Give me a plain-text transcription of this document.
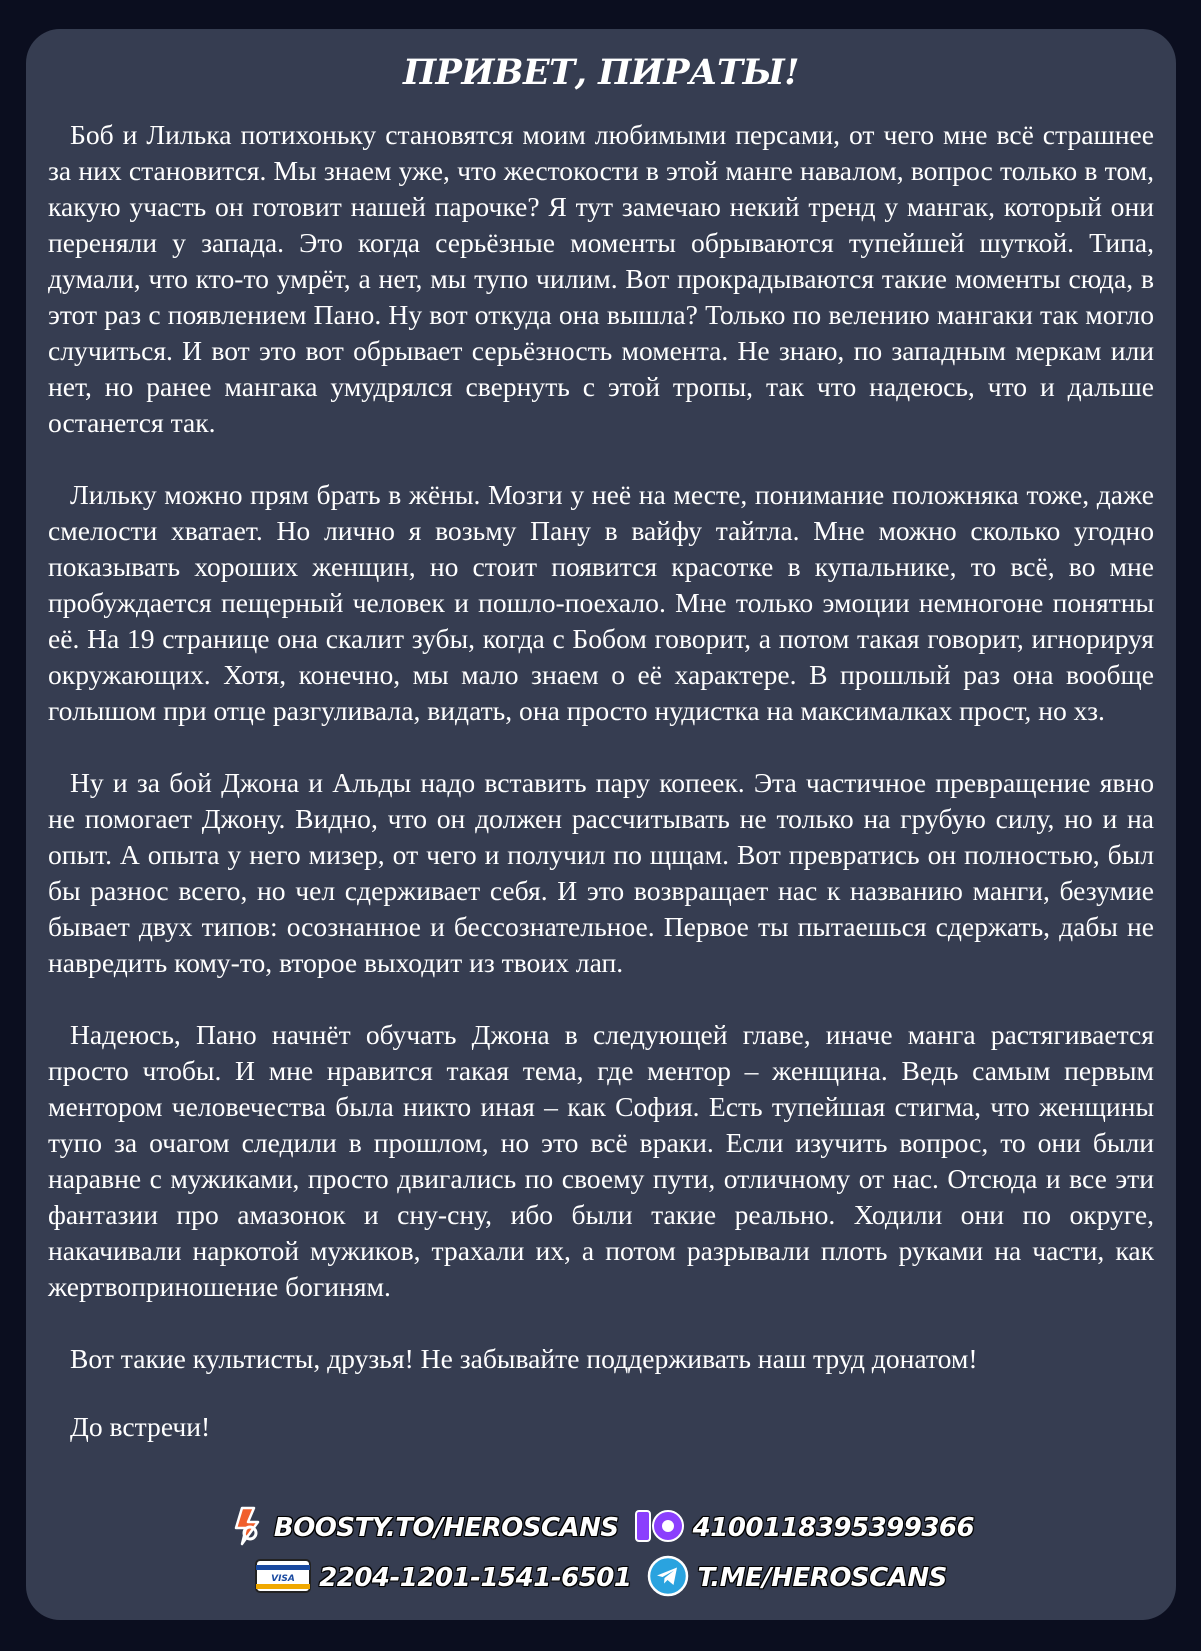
ПРИВЕТ, ПИРАТЫ!

Боб и Лилька потихоньку становятся моим любимыми персами, от чего мне всё страшнее за них становится. Мы знаем уже, что жестокости в этой манге навалом, вопрос только в том, какую участь он готовит нашей парочке? Я тут замечаю некий тренд у мангак, который они переняли у запада. Это когда серьёзные моменты обрываются тупейшей шуткой. Типа, думали, что кто-то умрёт, а нет, мы тупо чилим. Вот прокрадываются такие моменты сюда, в этот раз с появлением Пано. Ну вот откуда она вышла? Только по велению мангаки так могло случиться. И вот это вот обрывает серьёзность момента. Не знаю, по западным меркам или нет, но ранее мангака умудрялся свернуть с этой тропы, так что надеюсь, что и дальше останется так.

Лильку можно прям брать в жёны. Мозги у неё на месте, понимание положняка тоже, даже смелости хватает. Но лично я возьму Пану в вайфу тайтла. Мне можно сколько угодно показывать хороших женщин, но стоит появится красотке в купальнике, то всё, во мне пробуждается пещерный человек и пошло-поехало. Мне только эмоции немногоне понятны её. На 19 странице она скалит зубы, когда с Бобом говорит, а потом такая говорит, игнорируя окружающих. Хотя, конечно, мы мало знаем о её характере. В прошлый раз она вообще голышом при отце разгуливала, видать, она просто нудистка на максималках прост, но хз.

Ну и за бой Джона и Альды надо вставить пару копеек. Эта частичное превращение явно не помогает Джону. Видно, что он должен рассчитывать не только на грубую силу, но и на опыт. А опыта у него мизер, от чего и получил по щщам. Вот превратись он полностью, был бы разнос всего, но чел сдерживает себя. И это возвращает нас к названию манги, безумие бывает двух типов: осознанное и бессознательное. Первое ты пытаешься сдержать, дабы не навредить кому-то, второе выходит из твоих лап.

Надеюсь, Пано начнёт обучать Джона в следующей главе, иначе манга растягивается просто чтобы. И мне нравится такая тема, где ментор – женщина. Ведь самым первым ментором человечества была никто иная – как София. Есть тупейшая стигма, что женщины тупо за очагом следили в прошлом, но это всё враки. Если изучить вопрос, то они были наравне с мужиками, просто двигались по своему пути, отличному от нас. Отсюда и все эти фантазии про амазонок и сну-сну, ибо были такие реально. Ходили они по округе, накачивали наркотой мужиков, трахали их, а потом разрывали плоть руками на части, как жертвоприношение богиням.

Вот такие культисты, друзья! Не забывайте поддерживать наш труд донатом!

До встречи!

BOOSTY.TO/HEROSCANS	4100118395399366
VISA 2204-1201-1541-6501	T.ME/HEROSCANS
